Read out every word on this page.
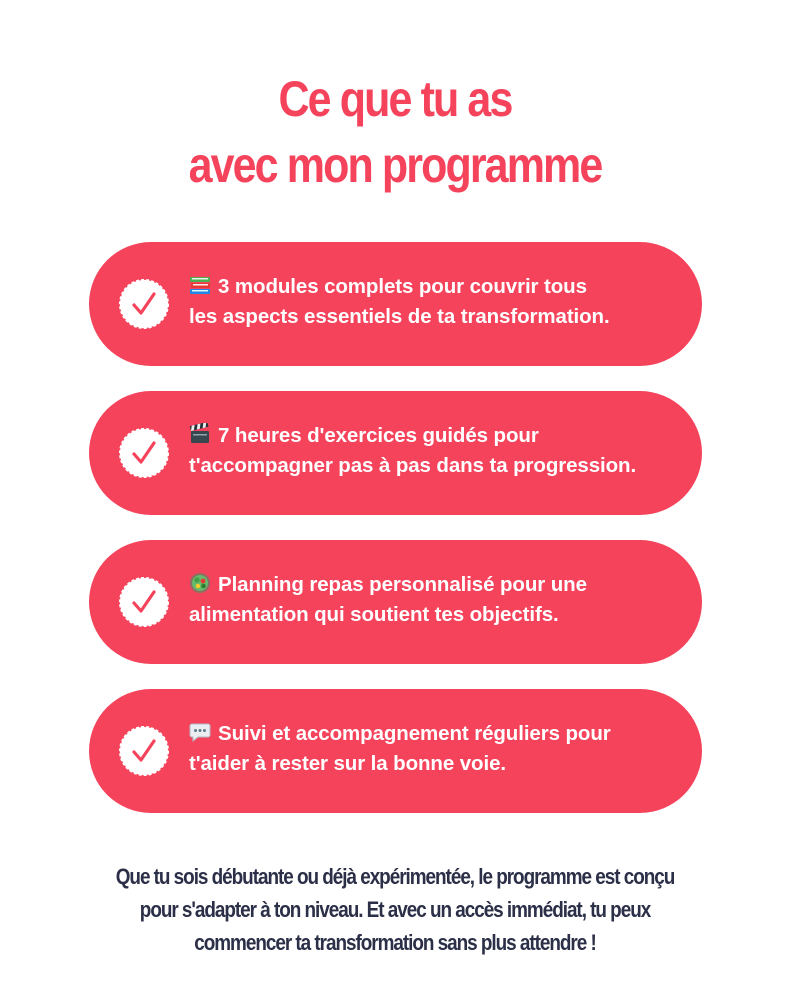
Ce que tu as
avec mon programme
3 modules complets pour couvrir tous
les aspects essentiels de ta transformation.
7 heures d'exercices guidés pour
t'accompagner pas à pas dans ta progression.
Planning repas personnalisé pour une
alimentation qui soutient tes objectifs.
Suivi et accompagnement réguliers pour
t'aider à rester sur la bonne voie.
Que tu sois débutante ou déjà expérimentée, le programme est conçu
pour s'adapter à ton niveau. Et avec un accès immédiat, tu peux
commencer ta transformation sans plus attendre !
